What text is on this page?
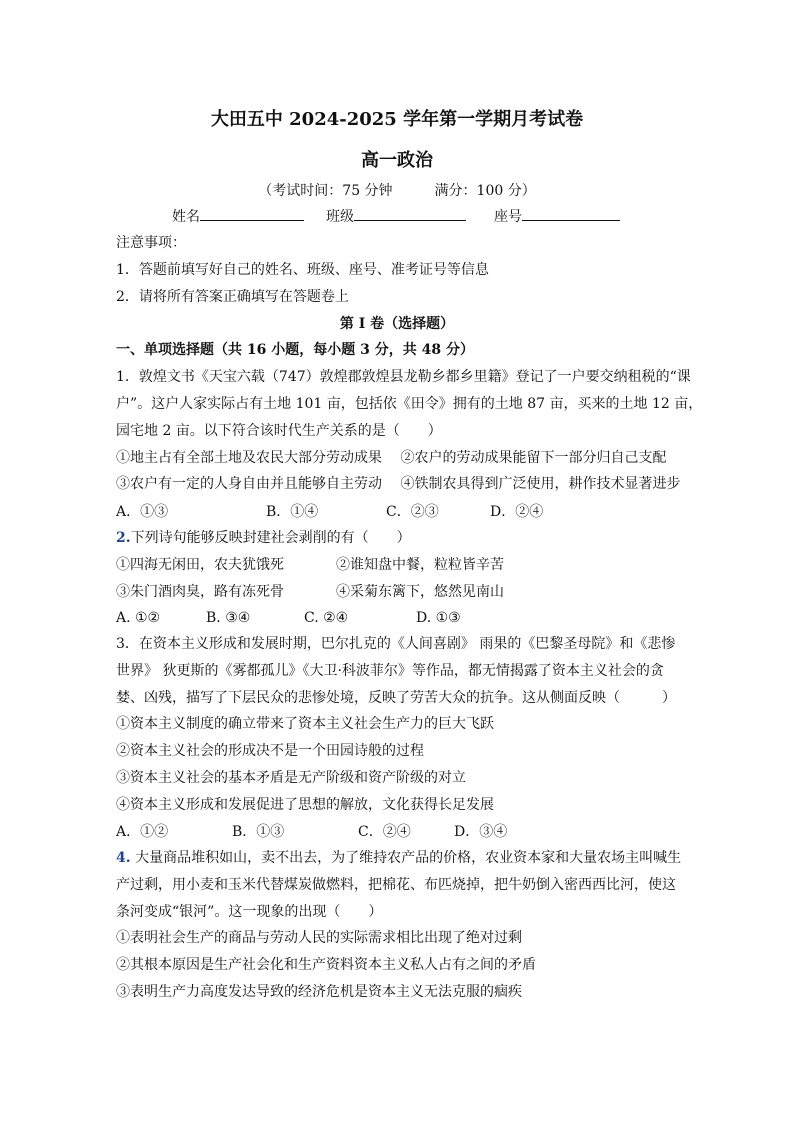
大田五中 2024-2025 学年第一学期月考试卷
高一政治
（考试时间：75 分钟　　　满分：100 分）
姓名	班级	座号
注意事项：
1．答题前填写好自己的姓名、班级、座号、准考证号等信息
2．请将所有答案正确填写在答题卷上
第 I 卷（选择题）
一、单项选择题（共 16 小题，每小题 3 分，共 48 分）
1．敦煌文书《天宝六载（747）敦煌郡敦煌县龙勒乡都乡里籍》登记了一户要交纳租税的“课
户”。这户人家实际占有土地 101 亩，包括依《田令》拥有的土地 87 亩，买来的土地 12 亩，
园宅地 2 亩。以下符合该时代生产关系的是（　　）
①地主占有全部土地及农民大部分劳动成果　 ②农户的劳动成果能留下一部分归自己支配
③农户有一定的人身自由并且能够自主劳动　 ④铁制农具得到广泛使用，耕作技术显著进步
A．①③	B．①④	C．②③	D．②④
2.下列诗句能够反映封建社会剥削的有（　　）
①四海无闲田，农夫犹饿死	②谁知盘中餐，粒粒皆辛苦
③朱门酒肉臭，路有冻死骨	④采菊东篱下，悠然见南山
A. ①②	B. ③④	C. ②④	D. ①③
3．在资本主义形成和发展时期，巴尔扎克的《人间喜剧》 雨果的《巴黎圣母院》和《悲惨
世界》 狄更斯的《雾都孤儿》《大卫·科波菲尔》等作品，都无情揭露了资本主义社会的贪
婪、凶残，描写了下层民众的悲惨处境，反映了劳苦大众的抗争。这从侧面反映（　　　）
①资本主义制度的确立带来了资本主义社会生产力的巨大飞跃
②资本主义社会的形成决不是一个田园诗般的过程
③资本主义社会的基本矛盾是无产阶级和资产阶级的对立
④资本主义形成和发展促进了思想的解放，文化获得长足发展
A．①②	B．①③	C．②④	D．③④
4. 大量商品堆积如山，卖不出去，为了维持农产品的价格，农业资本家和大量农场主叫喊生
产过剩，用小麦和玉米代替煤炭做燃料，把棉花、布匹烧掉，把牛奶倒入密西西比河，使这
条河变成“银河”。这一现象的出现（　　）
①表明社会生产的商品与劳动人民的实际需求相比出现了绝对过剩
②其根本原因是生产社会化和生产资料资本主义私人占有之间的矛盾
③表明生产力高度发达导致的经济危机是资本主义无法克服的痼疾
